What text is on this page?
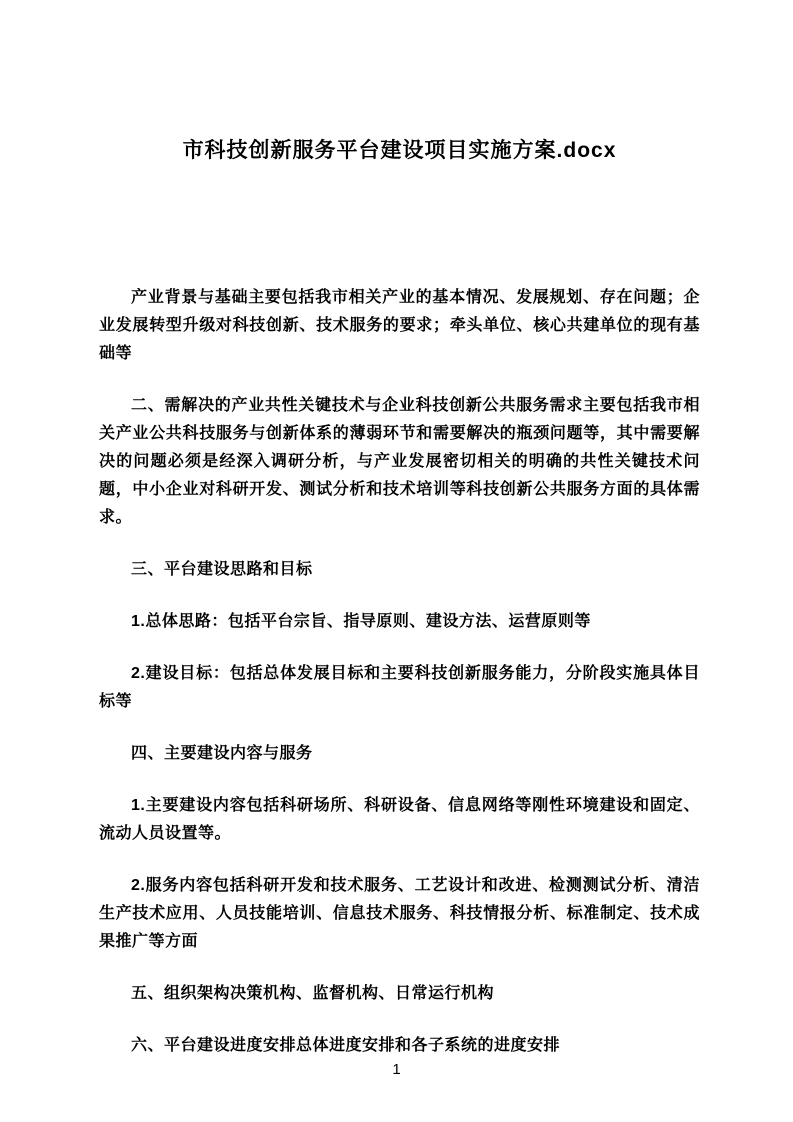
市科技创新服务平台建设项目实施方案.docx

产业背景与基础主要包括我市相关产业的基本情况、发展规划、存在问题；企业发展转型升级对科技创新、技术服务的要求；牵头单位、核心共建单位的现有基础等

二、需解决的产业共性关键技术与企业科技创新公共服务需求主要包括我市相关产业公共科技服务与创新体系的薄弱环节和需要解决的瓶颈问题等，其中需要解决的问题必须是经深入调研分析，与产业发展密切相关的明确的共性关键技术问题，中小企业对科研开发、测试分析和技术培训等科技创新公共服务方面的具体需求。

三、平台建设思路和目标

1.总体思路：包括平台宗旨、指导原则、建设方法、运营原则等

2.建设目标：包括总体发展目标和主要科技创新服务能力，分阶段实施具体目标等

四、主要建设内容与服务

1.主要建设内容包括科研场所、科研设备、信息网络等刚性环境建设和固定、流动人员设置等。

2.服务内容包括科研开发和技术服务、工艺设计和改进、检测测试分析、清洁生产技术应用、人员技能培训、信息技术服务、科技情报分析、标准制定、技术成果推广等方面

五、组织架构决策机构、监督机构、日常运行机构

六、平台建设进度安排总体进度安排和各子系统的进度安排

1
